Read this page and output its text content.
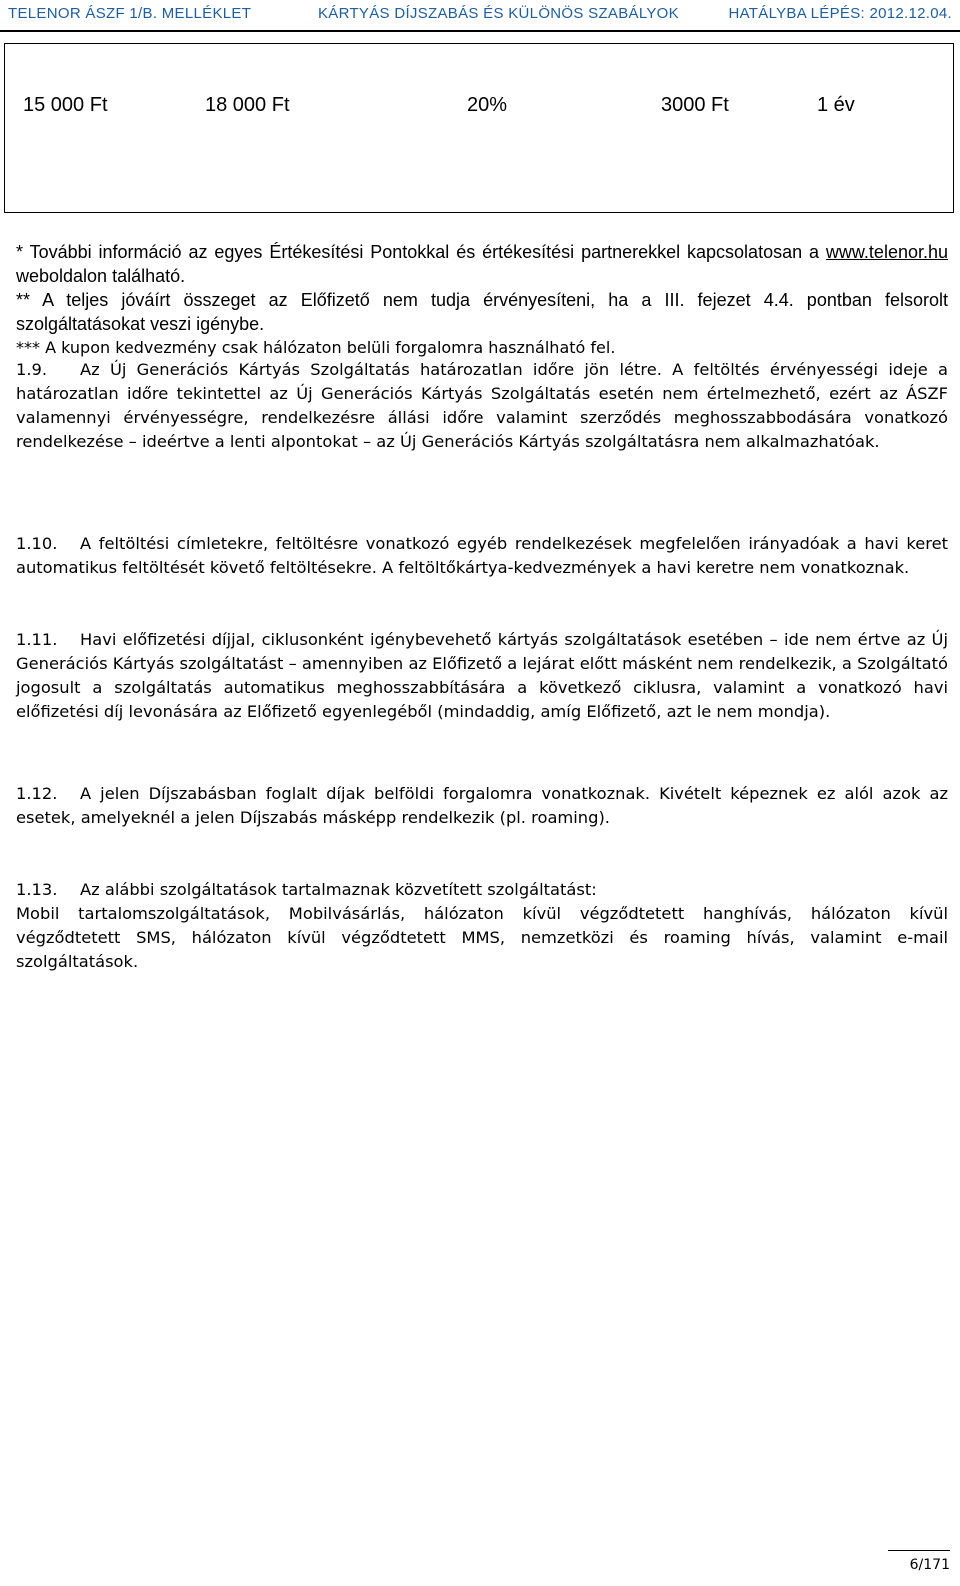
TELENOR ÁSZF 1/B. MELLÉKLET	KÁRTYÁS DÍJSZABÁS ÉS KÜLÖNÖS SZABÁLYOK	HATÁLYBA LÉPÉS: 2012.12.04.
15 000 Ft	18 000 Ft	20%	3000 Ft	1 év

* További információ az egyes Értékesítési Pontokkal és értékesítési partnerekkel kapcsolatosan a www.telenor.hu weboldalon található.

** A teljes jóváírt összeget az Előfizető nem tudja érvényesíteni, ha a III. fejezet 4.4. pontban felsorolt szolgáltatásokat veszi igénybe.

*** A kupon kedvezmény csak hálózaton belüli forgalomra használható fel.

1.9. Az Új Generációs Kártyás Szolgáltatás határozatlan időre jön létre. A feltöltés érvényességi ideje a határozatlan időre tekintettel az Új Generációs Kártyás Szolgáltatás esetén nem értelmezhető, ezért az ÁSZF valamennyi érvényességre, rendelkezésre állási időre valamint szerződés meghosszabbodására vonatkozó rendelkezése – ideértve a lenti alpontokat – az Új Generációs Kártyás szolgáltatásra nem alkalmazhatóak.

1.10. A feltöltési címletekre, feltöltésre vonatkozó egyéb rendelkezések megfelelően irányadóak a havi keret automatikus feltöltését követő feltöltésekre. A feltöltőkártya-kedvezmények a havi keretre nem vonatkoznak.

1.11. Havi előfizetési díjjal, ciklusonként igénybevehető kártyás szolgáltatások esetében – ide nem értve az Új Generációs Kártyás szolgáltatást – amennyiben az Előfizető a lejárat előtt másként nem rendelkezik, a Szolgáltató jogosult a szolgáltatás automatikus meghosszabbítására a következő ciklusra, valamint a vonatkozó havi előfizetési díj levonására az Előfizető egyenlegéből (mindaddig, amíg Előfizető, azt le nem mondja).

1.12. A jelen Díjszabásban foglalt díjak belföldi forgalomra vonatkoznak. Kivételt képeznek ez alól azok az esetek, amelyeknél a jelen Díjszabás másképp rendelkezik (pl. roaming).

1.13. Az alábbi szolgáltatások tartalmaznak közvetített szolgáltatást:

Mobil tartalomszolgáltatások, Mobilvásárlás, hálózaton kívül végződtetett hanghívás, hálózaton kívül végződtetett SMS, hálózaton kívül végződtetett MMS, nemzetközi és roaming hívás, valamint e-mail szolgáltatások.

6/171
